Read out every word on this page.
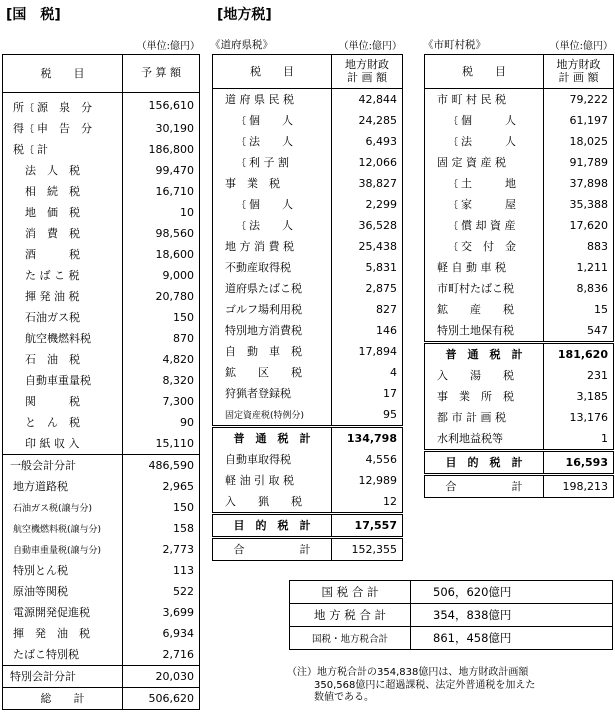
[国　税]	[地方税]
（単位:億円） 《道府県税》	（単位:億円） 《市町村税》	（単位:億円）
税　　目	予 算 額
所｛ 源　泉　分	156,610
得｛ 申　告　分	30,190
税｛ 計	186,800
法　人　税	99,470
相　続　税	16,710
地　価　税	10
消　費　税	98,560
酒　　　税	18,600
た ば こ 税	9,000
揮 発 油 税	20,780
石油ガス税	150
航空機燃料税	870
石　油　税	4,820
自動車重量税	8,320
関　　　税	7,300
と　ん　税	90
印 紙 収 入	15,110
一般会計分計	486,590
地方道路税	2,965
石油ガス税(譲与分)	150
航空機燃料税(譲与分)	158
自動車重量税(譲与分)	2,773
特別とん税	113
原油等関税	522
電源開発促進税	3,699
揮　発　油　税	6,934
たばこ特別税	2,716
特別会計分計	20,030
総　　計	506,620
税　　目	地方財政
計 画 額

道 府 県 民 税	42,844
｛ 個　　人	24,285
｛ 法　　人	6,493
｛ 利 子 割	12,066
事　業　税	38,827
｛ 個　　人	2,299
｛ 法　　人	36,528
地 方 消 費 税	25,438
不動産取得税	5,831
道府県たばこ税	2,875
ゴルフ場利用税	827
特別地方消費税	146
自　動　車　税	17,894
鉱　　区　　税	4
狩猟者登録税	17
固定資産税(特例分)	95
普　通　税　計	134,798
自動車取得税	4,556
軽 油 引 取 税	12,989
入　　猟　　税	12
目　的　税　計	17,557
合　　　　　計	152,355
税　　目	地方財政
計 画 額

市 町 村 民 税	79,222
｛ 個　　　人	61,197
｛ 法　　　人	18,025
固 定 資 産 税	91,789
｛ 土　　　地	37,898
｛ 家　　　屋	35,388
｛ 償 却 資 産	17,620
｛ 交　付　金	883
軽 自 動 車 税	1,211
市町村たばこ税	8,836
鉱　　産　　税	15
特別土地保有税	547
普　通　税　計	181,620
入　　湯　　税	231
事　業　所　税	3,185
都 市 計 画 税	13,176
水利地益税等	1
目　的　税　計	16,593
合　　　　　計	198,213
国 税 合 計	506，620億円
地 方 税 合 計	354，838億円
国税・地方税合計	861，458億円
（注）地方税合計の354,838億円は、地方財政計画額
350,568億円に超過課税、法定外普通税を加えた
数値である。
